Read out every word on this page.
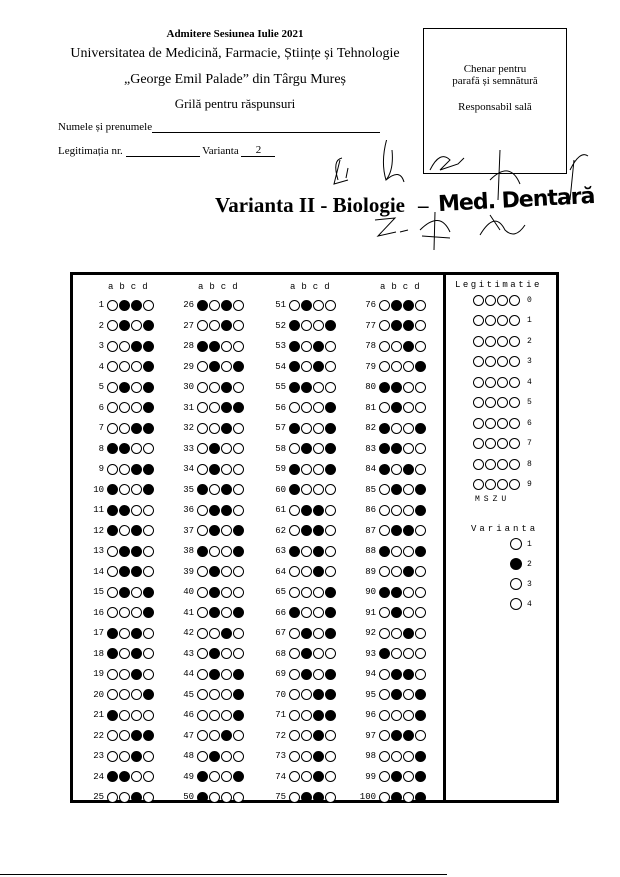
Admitere Sesiunea Iulie 2021
Universitatea de Medicină, Farmacie, Științe și Tehnologie
„George Emil Palade” din Târgu Mureș
Grilă pentru răspunsuri
Numele și prenumele
Legitimația nr.	Varianta 2
Chenar pentru
parafă și semnătură
Responsabil sală
Varianta II - Biologie – Med. Dentară
abcd
1
2
3
4
5
6
7
8
9
10
11
12
13
14
15
16
17
18
19
20
21
22
23
24
25
abcd
26
27
28
29
30
31
32
33
34
35
36
37
38
39
40
41
42
43
44
45
46
47
48
49
50
abcd
51
52
53
54
55
56
57
58
59
60
61
62
63
64
65
66
67
68
69
70
71
72
73
74
75
abcd
76
77
78
79
80
81
82
83
84
85
86
87
88
89
90
91
92
93
94
95
96
97
98
99
100
Legitimatie
0
1
2
3
4
5
6
7
8
9
MSZU
Varianta
1
2
3
4
